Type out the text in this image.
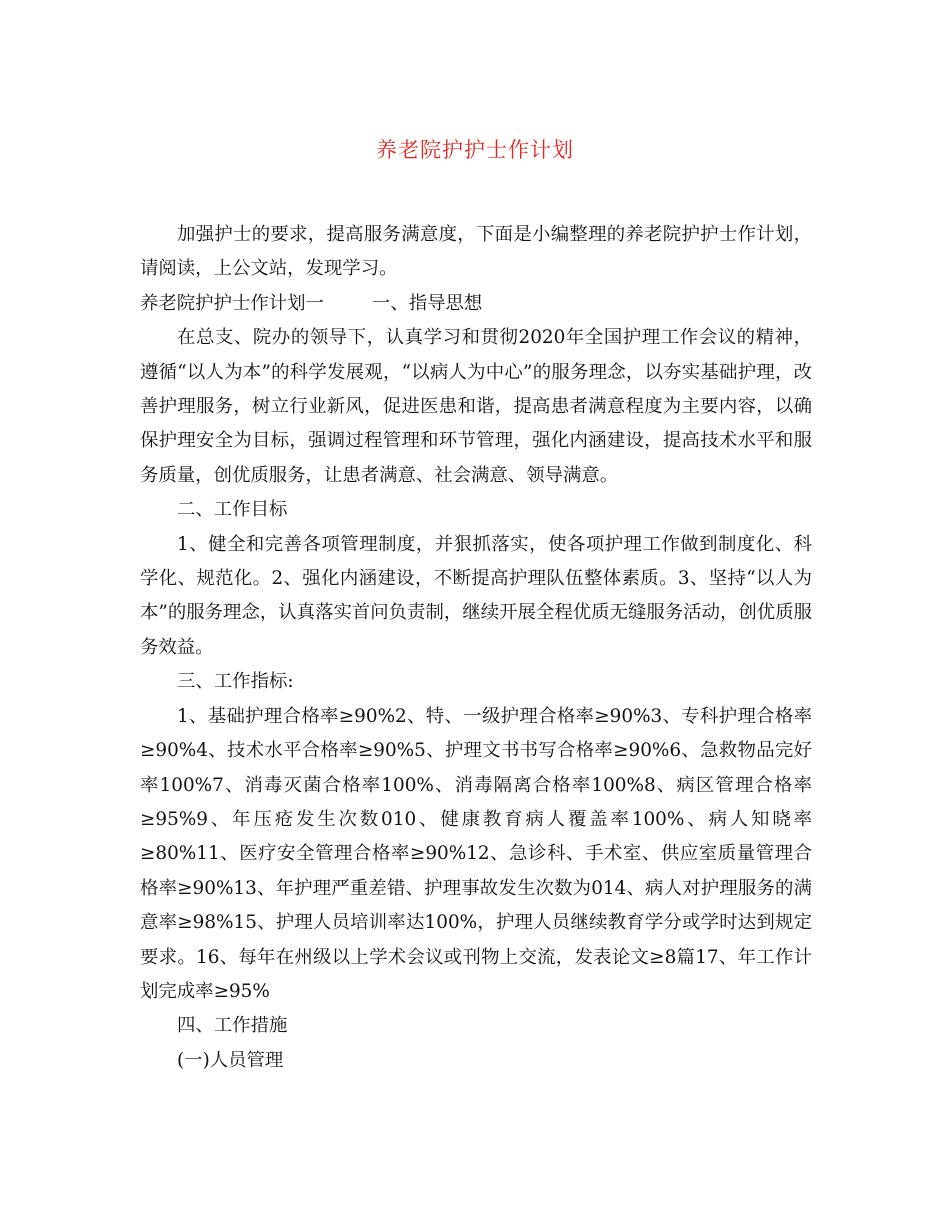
养老院护护士作计划

加强护士的要求，提高服务满意度，下面是小编整理的养老院护护士作计划，请阅读，上公文站，发现学习。

养老院护护士作计划一	一、指导思想

在总支、院办的领导下，认真学习和贯彻2020年全国护理工作会议的精神，遵循“以人为本”的科学发展观，“以病人为中心”的服务理念，以夯实基础护理，改善护理服务，树立行业新风，促进医患和谐，提高患者满意程度为主要内容，以确保护理安全为目标，强调过程管理和环节管理，强化内涵建设，提高技术水平和服务质量，创优质服务，让患者满意、社会满意、领导满意。

二、工作目标

1、健全和完善各项管理制度，并狠抓落实，使各项护理工作做到制度化、科学化、规范化。2、强化内涵建设，不断提高护理队伍整体素质。3、坚持“以人为本”的服务理念，认真落实首问负责制，继续开展全程优质无缝服务活动，创优质服务效益。

三、工作指标:

1、基础护理合格率≥90%2、特、一级护理合格率≥90%3、专科护理合格率≥90%4、技术水平合格率≥90%5、护理文书书写合格率≥90%6、急救物品完好率100%7、消毒灭菌合格率100%、消毒隔离合格率100%8、病区管理合格率≥95%9、年压疮发生次数010、健康教育病人覆盖率100%、病人知晓率≥80%11、医疗安全管理合格率≥90%12、急诊科、手术室、供应室质量管理合格率≥90%13、年护理严重差错、护理事故发生次数为014、病人对护理服务的满意率≥98%15、护理人员培训率达100%，护理人员继续教育学分或学时达到规定要求。16、每年在州级以上学术会议或刊物上交流，发表论文≥8篇17、年工作计划完成率≥95%

四、工作措施

(一)人员管理
